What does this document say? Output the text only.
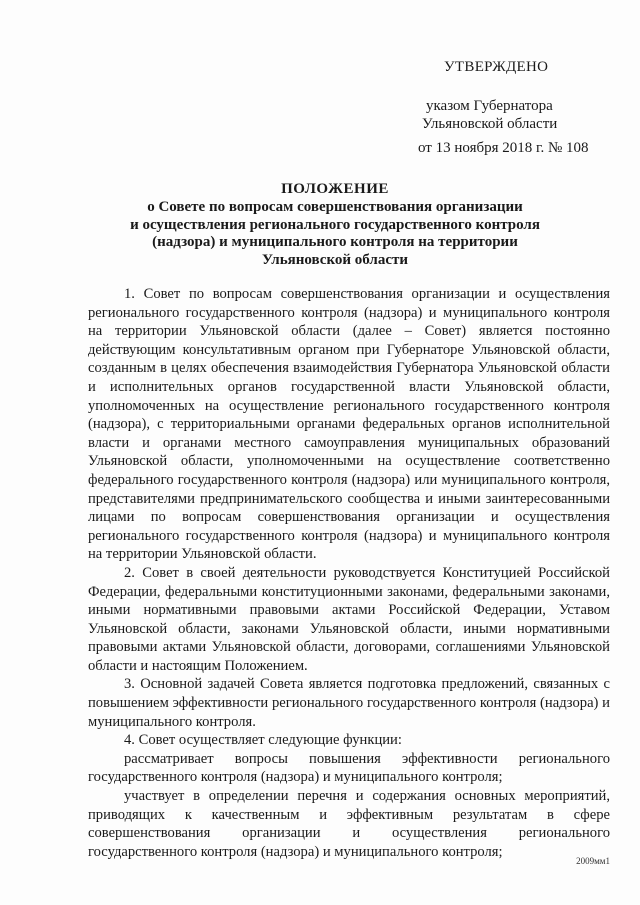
УТВЕРЖДЕНО
указом Губернатора
Ульяновской области
от 13 ноября 2018 г. № 108
ПОЛОЖЕНИЕ
о Совете по вопросам совершенствования организации
и осуществления регионального государственного контроля
(надзора) и муниципального контроля на территории
Ульяновской области

1. Совет по вопросам совершенствования организации и осуществления регионального государственного контроля (надзора) и муниципального контроля на территории Ульяновской области (далее – Совет) является постоянно действующим консультативным органом при Губернаторе Ульяновской области, созданным в целях обеспечения взаимодействия Губернатора Ульяновской области и исполнительных органов государственной власти Ульяновской области, уполномоченных на осуществление регионального государственного контроля (надзора), с территориальными органами федеральных органов исполнительной власти и органами местного самоуправления муниципальных образований Ульяновской области, уполномоченными на осуществление соответственно федерального государственного контроля (надзора) или муниципального контроля, представителями предпринимательского сообщества и иными заинтересованными лицами по вопросам совершенствования организации и осуществления регионального государственного контроля (надзора) и муниципального контроля на территории Ульяновской области.

2. Совет в своей деятельности руководствуется Конституцией Российской Федерации, федеральными конституционными законами, федеральными законами, иными нормативными правовыми актами Российской Федерации, Уставом Ульяновской области, законами Ульяновской области, иными нормативными правовыми актами Ульяновской области, договорами, соглашениями Ульяновской области и настоящим Положением.

3. Основной задачей Совета является подготовка предложений, связанных с повышением эффективности регионального государственного контроля (надзора) и муниципального контроля.

4. Совет осуществляет следующие функции:

рассматривает вопросы повышения эффективности регионального государственного контроля (надзора) и муниципального контроля;

участвует в определении перечня и содержания основных мероприятий, приводящих к качественным и эффективным результатам в сфере совершенствования организации и осуществления регионального государственного контроля (надзора) и муниципального контроля;

2009мм1
